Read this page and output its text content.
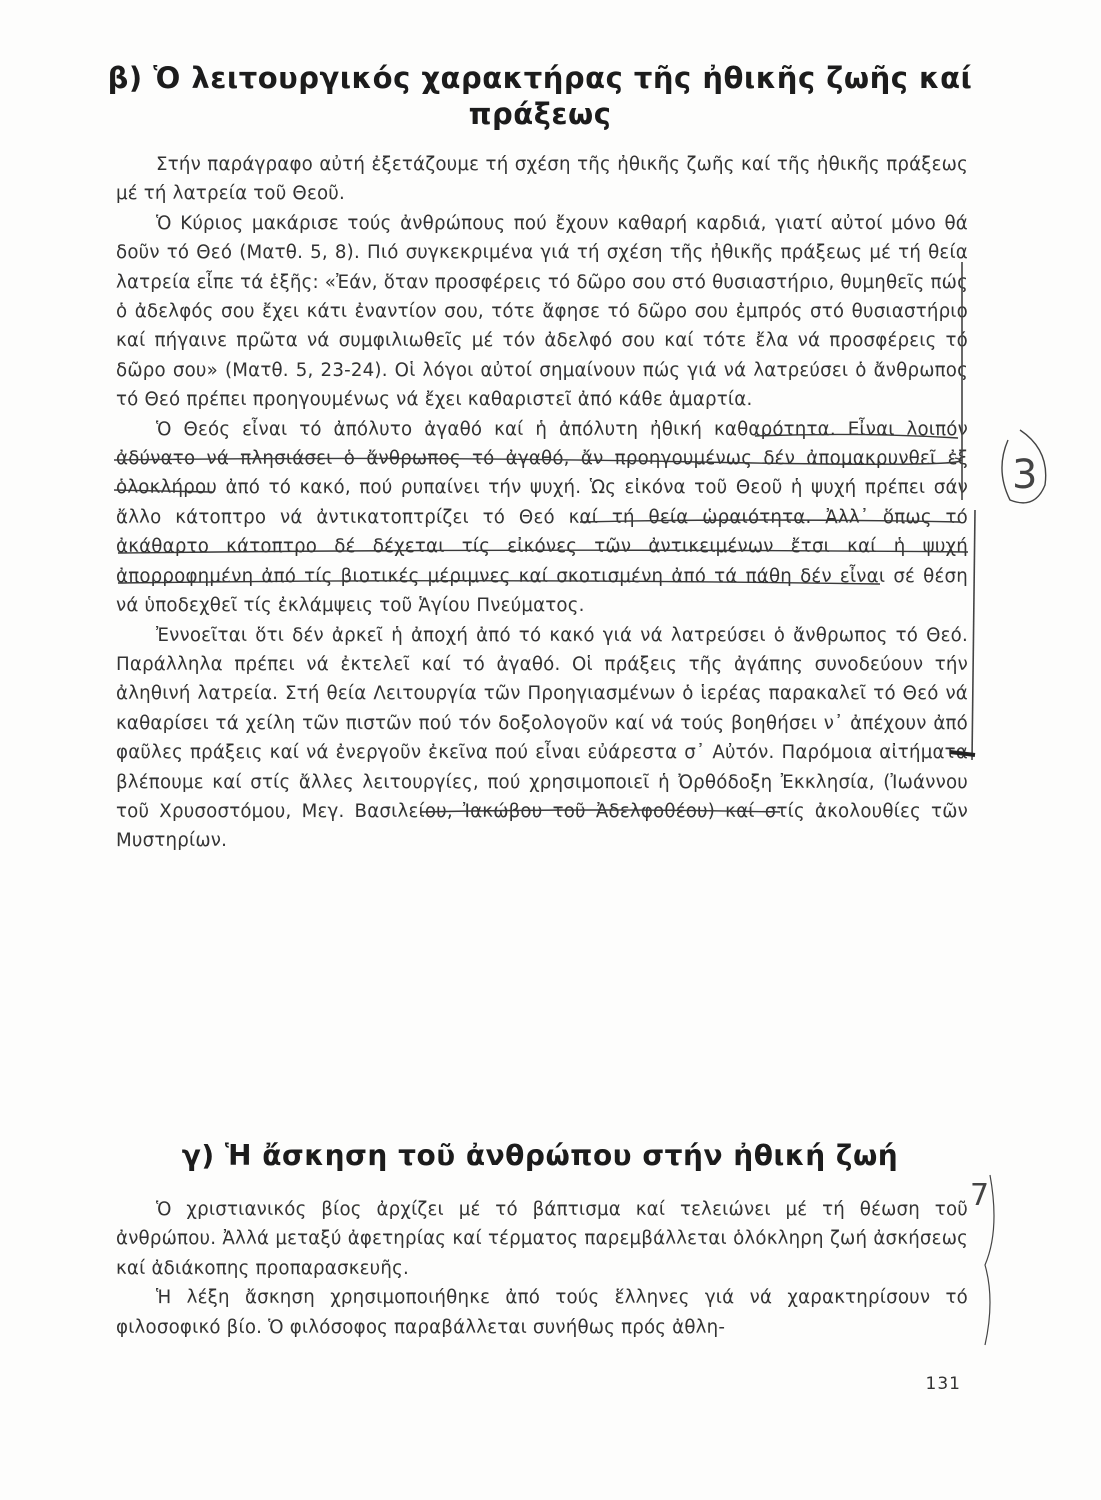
β) Ὁ λειτουργικός χαρακτήρας τῆς ἠθικῆς ζωῆς καί
πράξεως

Στήν παράγραφο αὐτή ἐξετάζουμε τή σχέση τῆς ἠθικῆς ζωῆς καί τῆς ἠθικῆς πράξεως μέ τή λατρεία τοῦ Θεοῦ.

Ὁ Κύριος μακάρισε τούς ἀνθρώπους πού ἔχουν καθαρή καρδιά, γιατί αὐτοί μόνο θά δοῦν τό Θεό (Ματθ. 5, 8). Πιό συγκεκριμένα γιά τή σχέση τῆς ἠθικῆς πράξεως μέ τή θεία λατρεία εἶπε τά ἑξῆς: «Ἐάν, ὅταν προσφέρεις τό δῶρο σου στό θυσιαστήριο, θυμηθεῖς πώς ὁ ἀδελφός σου ἔχει κάτι ἐναντίον σου, τότε ἄφησε τό δῶρο σου ἐμπρός στό θυσιαστήριο καί πήγαινε πρῶτα νά συμφιλιωθεῖς μέ τόν ἀδελφό σου καί τότε ἔλα νά προσφέρεις τό δῶρο σου» (Ματθ. 5, 23-24). Οἱ λόγοι αὐτοί σημαίνουν πώς γιά νά λατρεύσει ὁ ἄνθρωπος τό Θεό πρέπει προηγουμένως νά ἔχει καθαριστεῖ ἀπό κάθε ἁμαρτία.

Ὁ Θεός εἶναι τό ἀπόλυτο ἀγαθό καί ἡ ἀπόλυτη ἠθική καθαρότητα. Εἶναι λοιπόν ἀδύνατο νά πλησιάσει ὁ ἄνθρωπος τό ἀγαθό, ἄν προηγουμένως δέν ἀπομακρυνθεῖ ἐξ ὁλοκλήρου ἀπό τό κακό, πού ρυπαίνει τήν ψυχή. Ὡς εἰκόνα τοῦ Θεοῦ ἡ ψυχή πρέπει σάν ἄλλο κάτοπτρο νά ἀντικατοπτρίζει τό Θεό καί τή θεία ὡραιότητα. Ἀλλ᾿ ὅπως τό ἀκάθαρτο κάτοπτρο δέ δέχεται τίς εἰκόνες τῶν ἀντικειμένων ἔτσι καί ἡ ψυχή ἀπορροφημένη ἀπό τίς βιοτικές μέριμνες καί σκοτισμένη ἀπό τά πάθη δέν εἶναι σέ θέση νά ὑποδεχθεῖ τίς ἐκλάμψεις τοῦ Ἁγίου Πνεύματος.

Ἐννοεῖται ὅτι δέν ἀρκεῖ ἡ ἀποχή ἀπό τό κακό γιά νά λατρεύσει ὁ ἄνθρωπος τό Θεό. Παράλληλα πρέπει νά ἐκτελεῖ καί τό ἀγαθό. Οἱ πράξεις τῆς ἀγάπης συνοδεύουν τήν ἀληθινή λατρεία. Στή θεία Λειτουργία τῶν Προηγιασμένων ὁ ἱερέας παρακαλεῖ τό Θεό νά καθαρίσει τά χείλη τῶν πιστῶν πού τόν δοξολογοῦν καί νά τούς βοηθήσει ν᾿ ἀπέχουν ἀπό φαῦλες πράξεις καί νά ἐνεργοῦν ἐκεῖνα πού εἶναι εὐάρεστα σ᾿ Αὐτόν. Παρόμοια αἰτήματα βλέπουμε καί στίς ἄλλες λειτουργίες, πού χρησιμοποιεῖ ἡ Ὀρθόδοξη Ἐκκλησία, (Ἰωάννου τοῦ Χρυσοστόμου, Μεγ. Βασιλείου, Ἰακώβου τοῦ Ἀδελφοθέου) καί στίς ἀκολουθίες τῶν Μυστηρίων.

γ) Ἡ ἄσκηση τοῦ ἀνθρώπου στήν ἠθική ζωή

Ὁ χριστιανικός βίος ἀρχίζει μέ τό βάπτισμα καί τελειώνει μέ τή θέωση τοῦ ἀνθρώπου. Ἀλλά μεταξύ ἀφετηρίας καί τέρματος παρεμβάλλεται ὁλόκληρη ζωή ἀσκήσεως καί ἀδιάκοπης προπαρασκευῆς.

Ἡ λέξη ἄσκηση χρησιμοποιήθηκε ἀπό τούς ἕλληνες γιά νά χαρακτηρίσουν τό φιλοσοφικό βίο. Ὁ φιλόσοφος παραβάλλεται συνήθως πρός ἀθλη-

131
3
7
